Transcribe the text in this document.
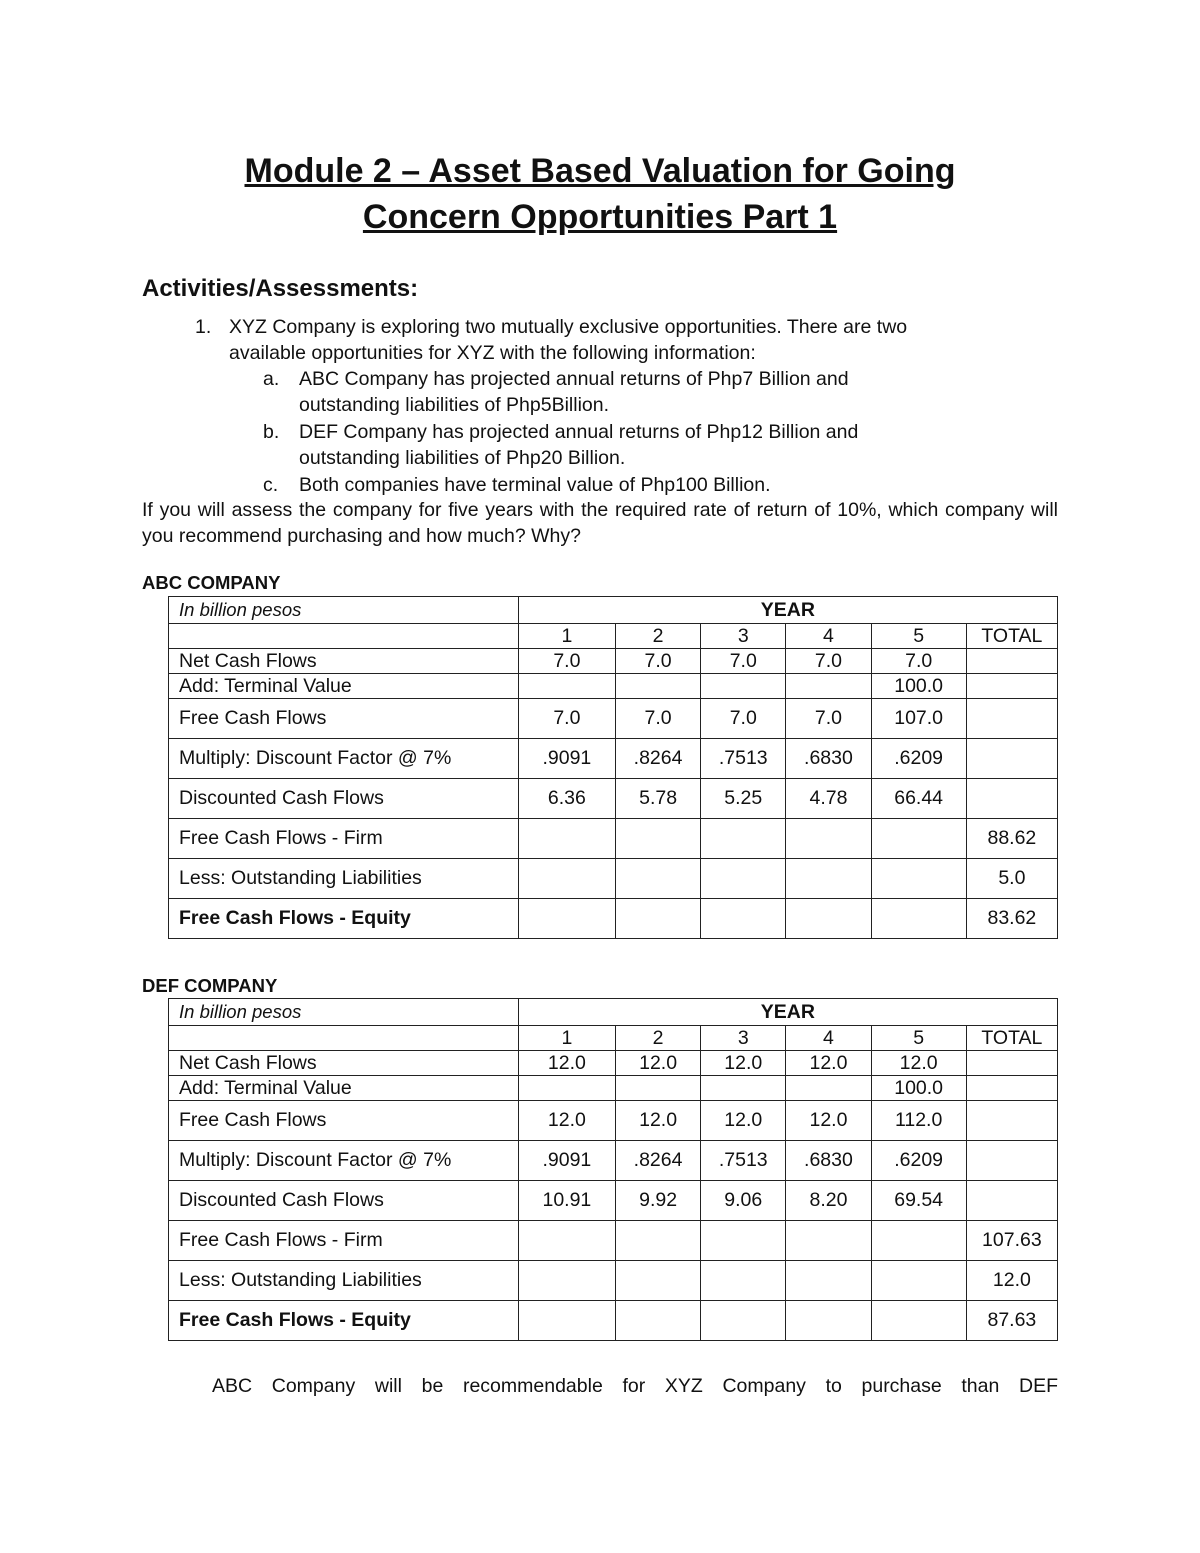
Module 2 – Asset Based Valuation for Going
Concern Opportunities Part 1
Activities/Assessments:
1. XYZ Company is exploring two mutually exclusive opportunities. There are two available opportunities for XYZ with the following information:
a. ABC Company has projected annual returns of Php7 Billion and outstanding liabilities of Php5Billion.
b. DEF Company has projected annual returns of Php12 Billion and outstanding liabilities of Php20 Billion.
c. Both companies have terminal value of Php100 Billion.
If you will assess the company for five years with the required rate of return of 10%, which company will you recommend purchasing and how much? Why?
ABC COMPANY
In billion pesos	YEAR					
	1	2	3	4	5	TOTAL
Net Cash Flows	7.0	7.0	7.0	7.0	7.0	
Add: Terminal Value					100.0	
Free Cash Flows	7.0	7.0	7.0	7.0	107.0	
Multiply: Discount Factor @ 7%	.9091	.8264	.7513	.6830	.6209	
Discounted Cash Flows	6.36	5.78	5.25	4.78	66.44	
Free Cash Flows - Firm						88.62
Less: Outstanding Liabilities						5.0
Free Cash Flows - Equity						83.62
DEF COMPANY
In billion pesos	YEAR					
	1	2	3	4	5	TOTAL
Net Cash Flows	12.0	12.0	12.0	12.0	12.0	
Add: Terminal Value					100.0	
Free Cash Flows	12.0	12.0	12.0	12.0	112.0	
Multiply: Discount Factor @ 7%	.9091	.8264	.7513	.6830	.6209	
Discounted Cash Flows	10.91	9.92	9.06	8.20	69.54	
Free Cash Flows - Firm						107.63
Less: Outstanding Liabilities						12.0
Free Cash Flows - Equity						87.63
ABC Company will be recommendable for XYZ Company to purchase than DEF
